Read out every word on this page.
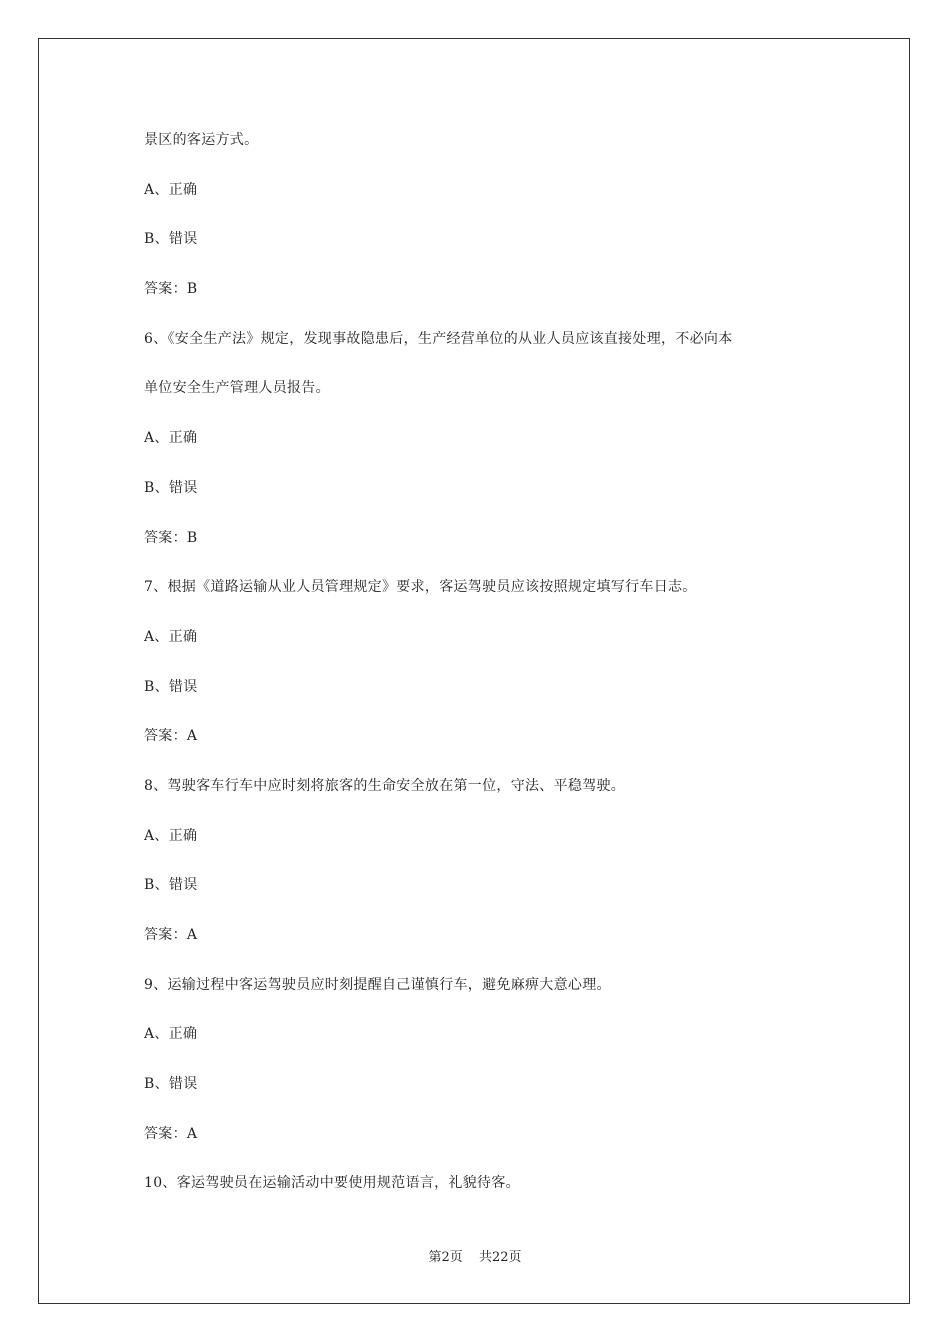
景区的客运方式。
A、正确
B、错误
答案：B
6、《安全生产法》规定，发现事故隐患后，生产经营单位的从业人员应该直接处理，不必向本
单位安全生产管理人员报告。
A、正确
B、错误
答案：B
7、根据《道路运输从业人员管理规定》要求，客运驾驶员应该按照规定填写行车日志。
A、正确
B、错误
答案：A
8、驾驶客车行车中应时刻将旅客的生命安全放在第一位，守法、平稳驾驶。
A、正确
B、错误
答案：A
9、运输过程中客运驾驶员应时刻提醒自己谨慎行车，避免麻痹大意心理。
A、正确
B、错误
答案：A
10、客运驾驶员在运输活动中要使用规范语言，礼貌待客。
第2页 共22页
